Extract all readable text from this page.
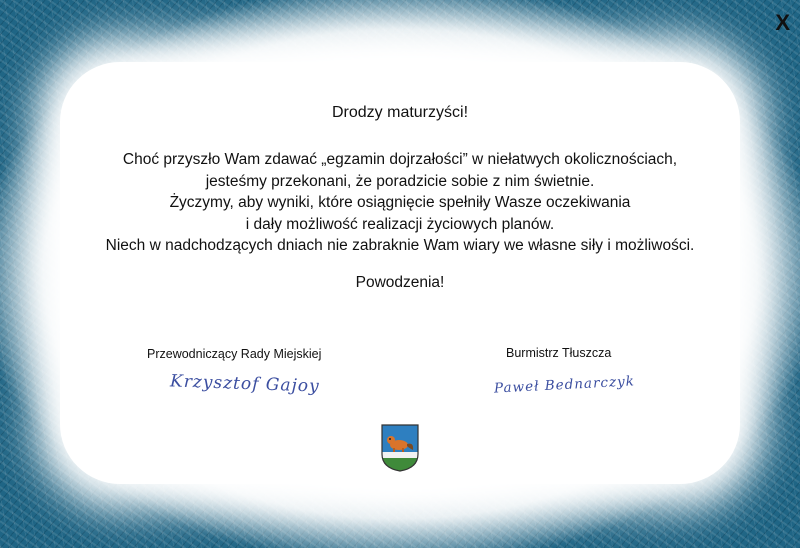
X
Drodzy maturzyści!
Choć przyszło Wam zdawać „egzamin dojrzałości” w niełatwych okolicznościach,
jesteśmy przekonani, że poradzicie sobie z nim świetnie.
Życzymy, aby wyniki, które osiągnięcie spełniły Wasze oczekiwania
i dały możliwość realizacji życiowych planów.
Niech w nadchodzących dniach nie zabraknie Wam wiary we własne siły i możliwości.
Powodzenia!
Przewodniczący Rady Miejskiej
Krzysztof Gajoy
Burmistrz Tłuszcza
Paweł Bednarczyk
